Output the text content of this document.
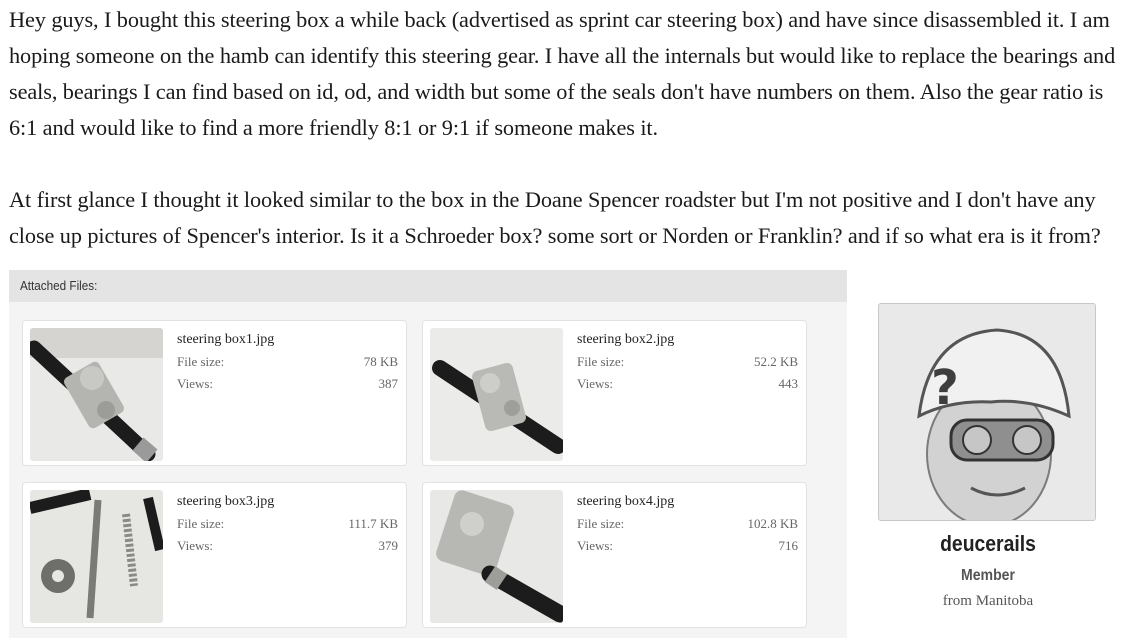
Hey guys, I bought this steering box a while back (advertised as sprint car steering box) and have since disassembled it. I am hoping someone on the hamb can identify this steering gear. I have all the internals but would like to replace the bearings and seals, bearings I can find based on id, od, and width but some of the seals don't have numbers on them. Also the gear ratio is 6:1 and would like to find a more friendly 8:1 or 9:1 if someone makes it.

At first glance I thought it looked similar to the box in the Doane Spencer roadster but I'm not positive and I don't have any close up pictures of Spencer's interior. Is it a Schroeder box? some sort or Norden or Franklin? and if so what era is it from?

Attached Files:
steering box1.jpg
File size:	78 KB
Views:	387
steering box2.jpg
File size:	52.2 KB
Views:	443
steering box3.jpg
File size:	111.7 KB
Views:	379
steering box4.jpg
File size:	102.8 KB
Views:	716
?
deucerails
Member
from Manitoba
